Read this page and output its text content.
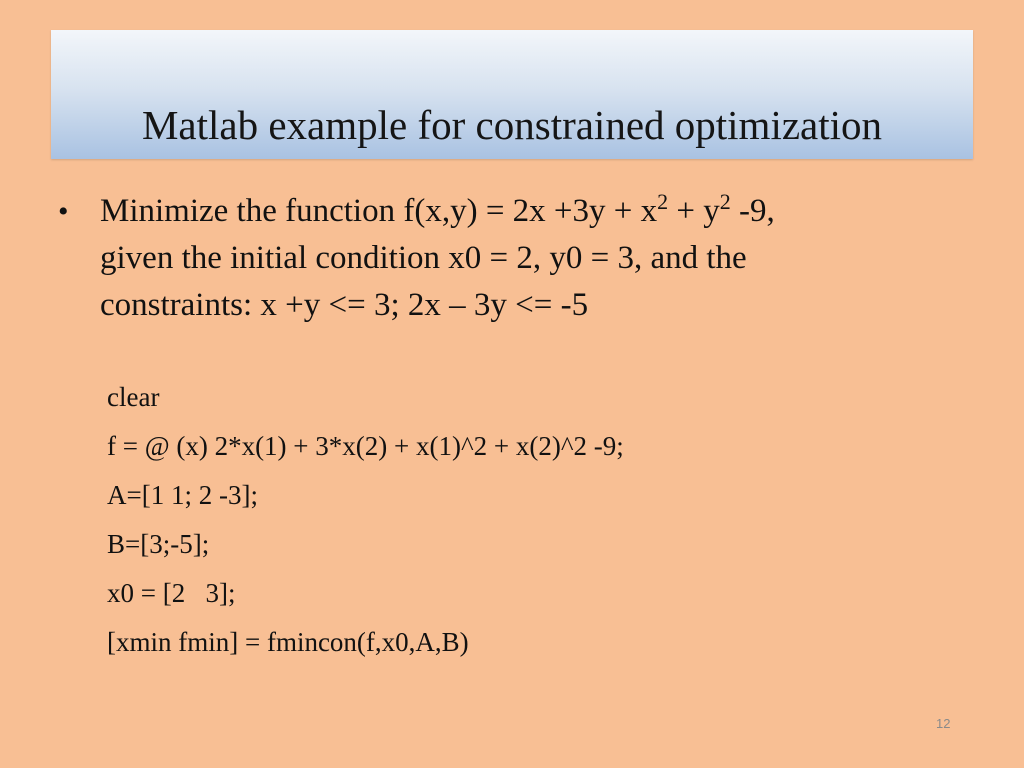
Matlab example for constrained optimization
• Minimize the function $f(x,y) = 2x +3y + x^2 + y^2$ -9,
given the initial condition x0 = 2, y0 = 3, and the
constraints: x +y <= 3; 2x – 3y <= -5
clear
f = @ (x) 2*x(1) + 3*x(2) + x(1)^2 + x(2)^2 -9;
A=[1 1; 2 -3];
B=[3;-5];
x0 = [2   3];
[xmin fmin] = fmincon(f,x0,A,B)
12
